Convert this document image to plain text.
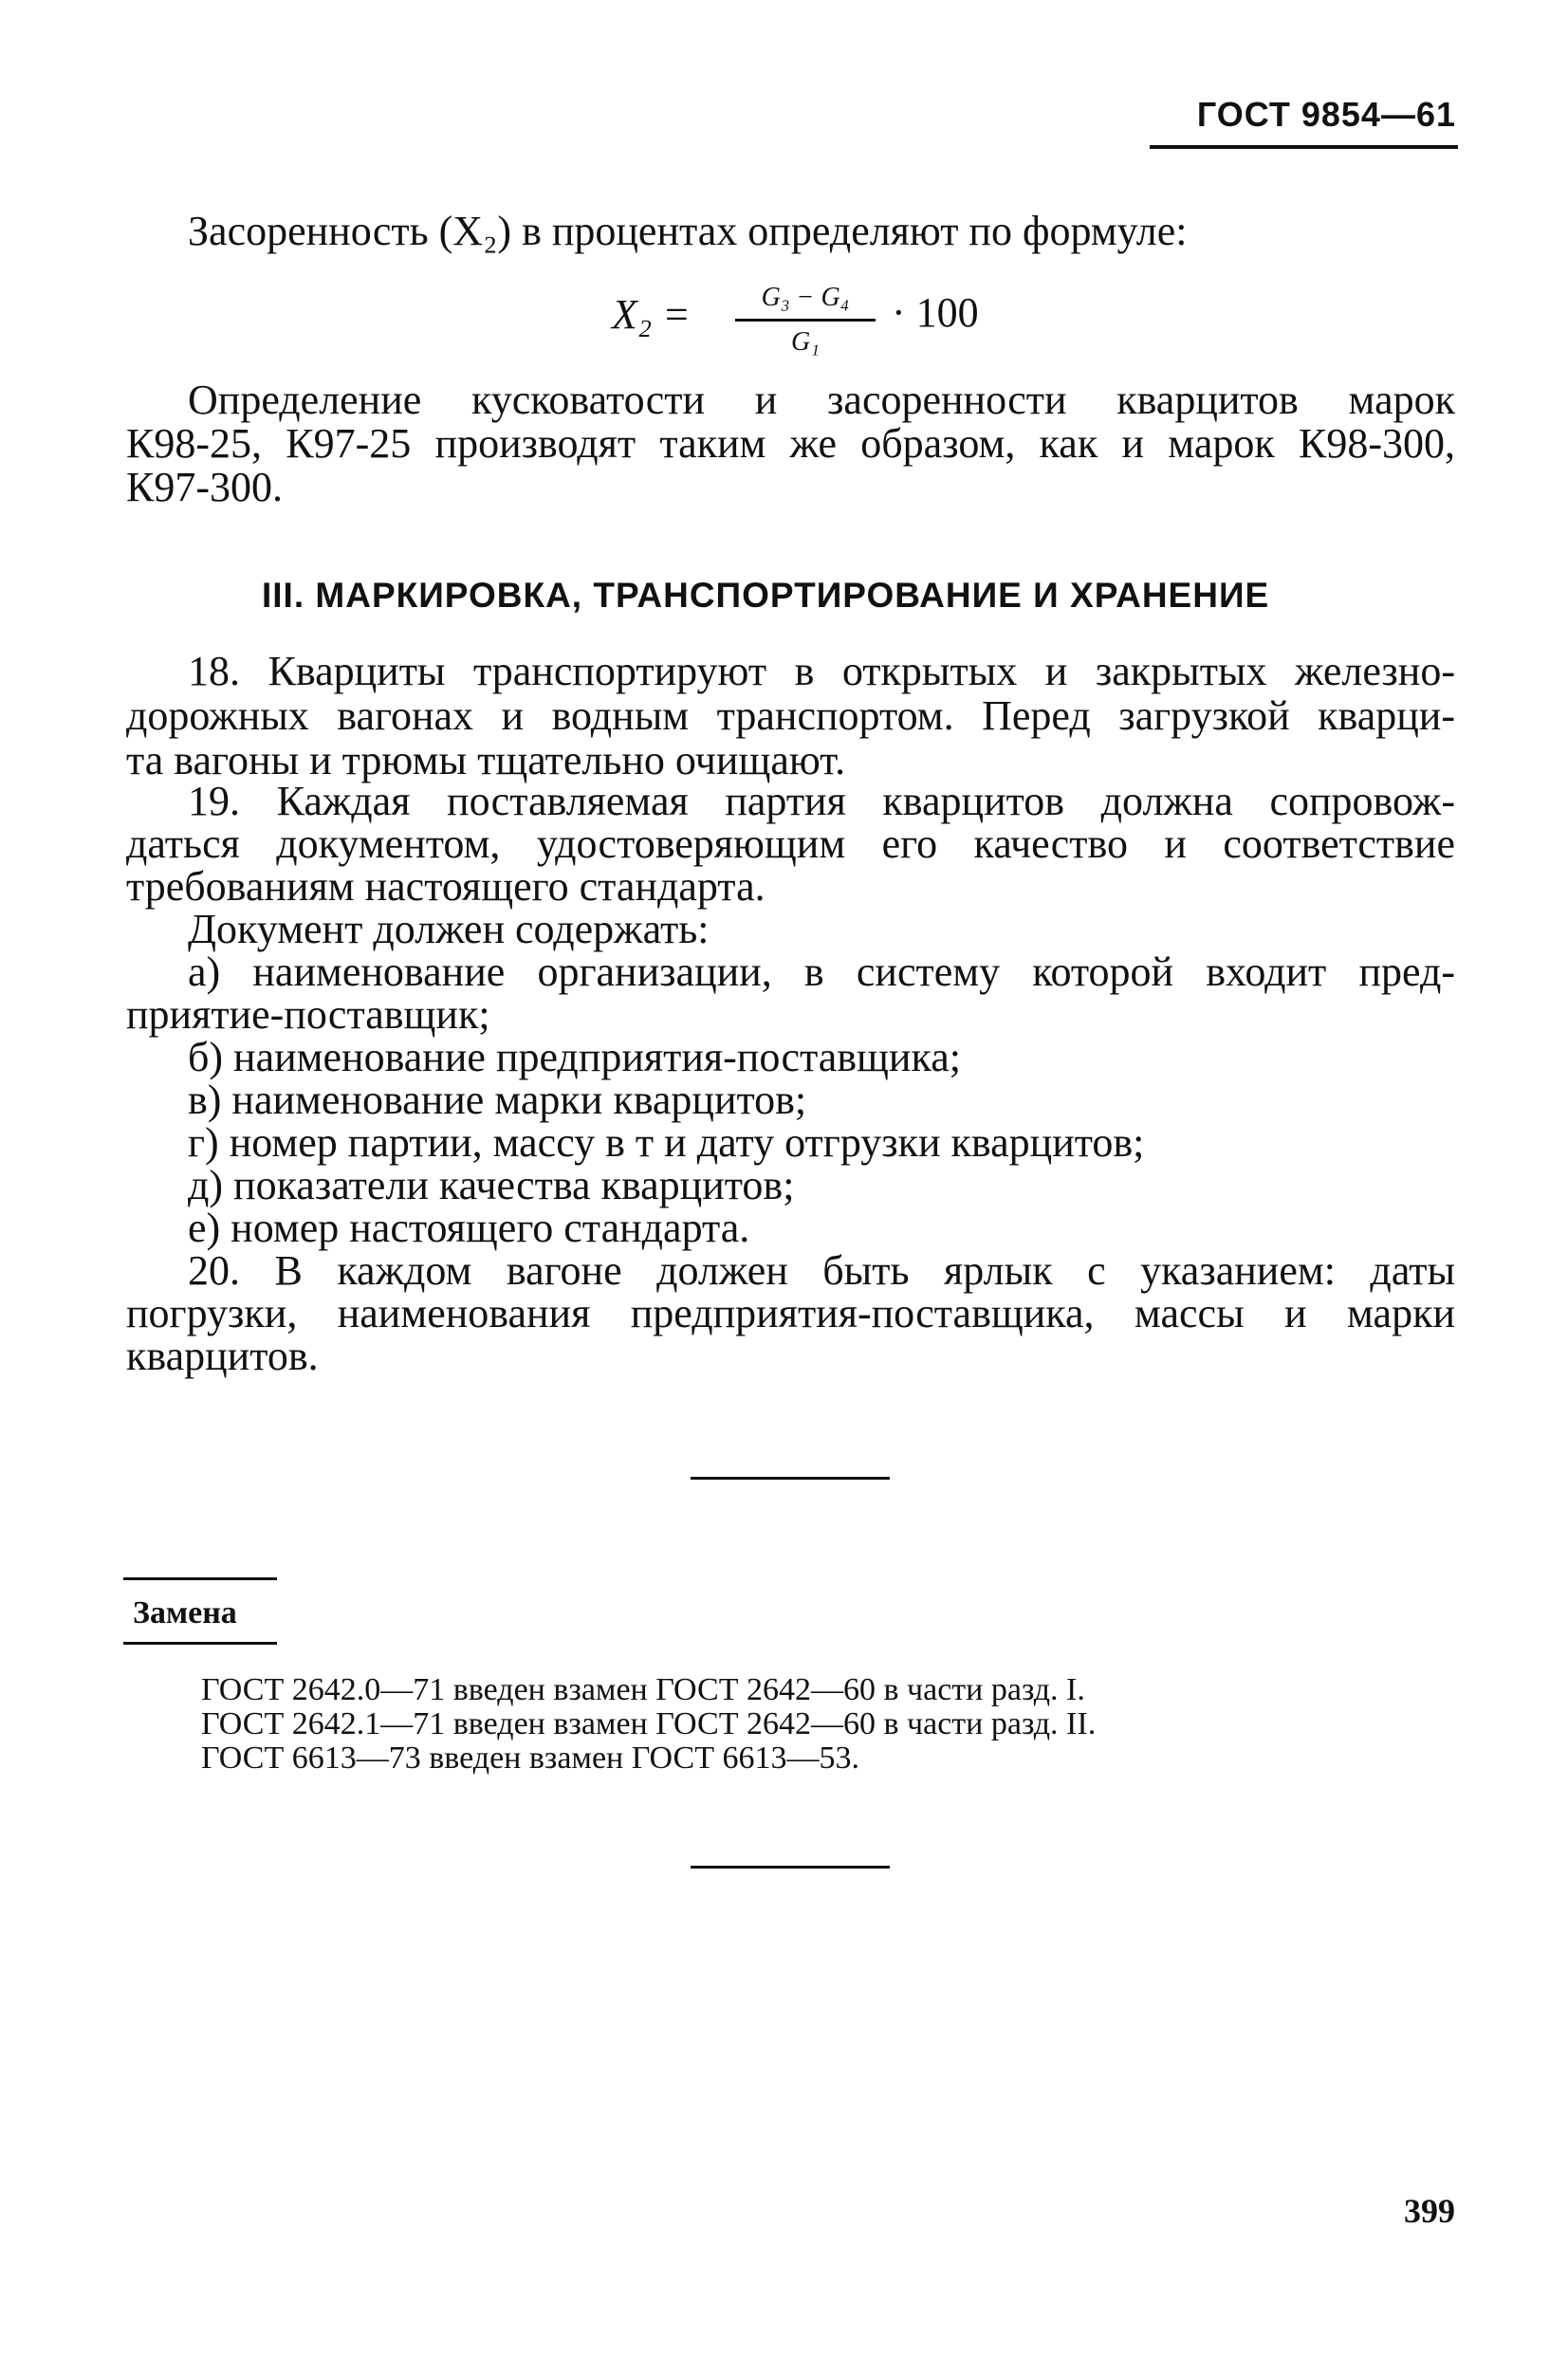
ГОСТ 9854—61
Засоренность (X₂) в процентах определяют по формуле:
X₂ =	G₃ − G₄
G₁
· 100
Определение кусковатости и засоренности кварцитов марок
К98-25, К97-25 производят таким же образом, как и марок К98-300,
К97-300.
III. МАРКИРОВКА, ТРАНСПОРТИРОВАНИЕ И ХРАНЕНИЕ
18. Кварциты транспортируют в открытых и закрытых железно-
дорожных вагонах и водным транспортом. Перед загрузкой кварци-
та вагоны и трюмы тщательно очищают.
19. Каждая поставляемая партия кварцитов должна сопровож-
даться документом, удостоверяющим его качество и соответствие
требованиям настоящего стандарта.
Документ должен содержать:
а) наименование организации, в систему которой входит пред-
приятие-поставщик;
б) наименование предприятия-поставщика;
в) наименование марки кварцитов;
г) номер партии, массу в т и дату отгрузки кварцитов;
д) показатели качества кварцитов;
е) номер настоящего стандарта.
20. В каждом вагоне должен быть ярлык с указанием: даты
погрузки, наименования предприятия-поставщика, массы и марки
кварцитов.
Замена
ГОСТ 2642.0—71 введен взамен ГОСТ 2642—60 в части разд. I.
ГОСТ 2642.1—71 введен взамен ГОСТ 2642—60 в части разд. II.
ГОСТ 6613—73 введен взамен ГОСТ 6613—53.
399
